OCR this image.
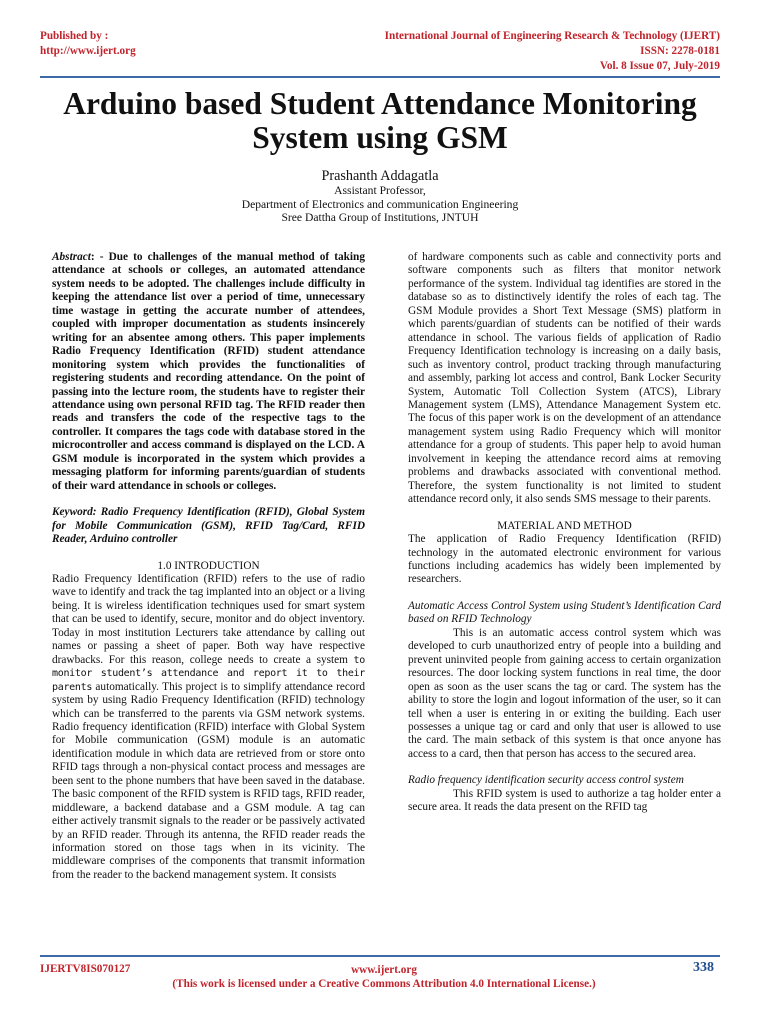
Published by :
http://www.ijert.org
International Journal of Engineering Research & Technology (IJERT)
ISSN: 2278-0181
Vol. 8 Issue 07, July-2019
Arduino based Student Attendance Monitoring
System using GSM
Prashanth Addagatla
Assistant Professor,
Department of Electronics and communication Engineering
Sree Dattha Group of Institutions, JNTUH

Abstract: - Due to challenges of the manual method of taking attendance at schools or colleges, an automated attendance system needs to be adopted. The challenges include difficulty in keeping the attendance list over a period of time, unnecessary time wastage in getting the accurate number of attendees, coupled with improper documentation as students insincerely writing for an absentee among others. This paper implements Radio Frequency Identification (RFID) student attendance monitoring system which provides the functionalities of registering students and recording attendance. On the point of passing into the lecture room, the students have to register their attendance using own personal RFID tag. The RFID reader then reads and transfers the code of the respective tags to the controller. It compares the tags code with database stored in the microcontroller and access command is displayed on the LCD. A GSM module is incorporated in the system which provides a messaging platform for informing parents/guardian of students of their ward attendance in schools or colleges.

Keyword: Radio Frequency Identification (RFID), Global System for Mobile Communication (GSM), RFID Tag/Card, RFID Reader, Arduino controller

1.0 INTRODUCTION

Radio Frequency Identification (RFID) refers to the use of radio wave to identify and track the tag implanted into an object or a living being. It is wireless identification techniques used for smart system that can be used to identify, secure, monitor and do object inventory. Today in most institution Lecturers take attendance by calling out names or passing a sheet of paper. Both way have respective drawbacks. For this reason, college needs to create a system to monitor student’s attendance and report it to their parents automatically. This project is to simplify attendance record system by using Radio Frequency Identification (RFID) technology which can be transferred to the parents via GSM network systems. Radio frequency identification (RFID) interface with Global System for Mobile communication (GSM) module is an automatic identification module in which data are retrieved from or store onto RFID tags through a non-physical contact process and messages are been sent to the phone numbers that have been saved in the database. The basic component of the RFID system is RFID tags, RFID reader, middleware, a backend database and a GSM module. A tag can either actively transmit signals to the reader or be passively activated by an RFID reader. Through its antenna, the RFID reader reads the information stored on those tags when in its vicinity. The middleware comprises of the components that transmit information from the reader to the backend management system. It consists

of hardware components such as cable and connectivity ports and software components such as filters that monitor network performance of the system. Individual tag identifies are stored in the database so as to distinctively identify the roles of each tag. The GSM Module provides a Short Text Message (SMS) platform in which parents/guardian of students can be notified of their wards attendance in school. The various fields of application of Radio Frequency Identification technology is increasing on a daily basis, such as inventory control, product tracking through manufacturing and assembly, parking lot access and control, Bank Locker Security System, Automatic Toll Collection System (ATCS), Library Management system (LMS), Attendance Management System etc. The focus of this paper work is on the development of an attendance management system using Radio Frequency which will monitor attendance for a group of students. This paper help to avoid human involvement in keeping the attendance record aims at removing problems and drawbacks associated with conventional method. Therefore, the system functionality is not limited to student attendance record only, it also sends SMS message to their parents.

MATERIAL AND METHOD

The application of Radio Frequency Identification (RFID) technology in the automated electronic environment for various functions including academics has widely been implemented by researchers.

Automatic Access Control System using Student’s Identification Card based on RFID Technology

This is an automatic access control system which was developed to curb unauthorized entry of people into a building and prevent uninvited people from gaining access to certain organization resources. The door locking system functions in real time, the door open as soon as the user scans the tag or card. The system has the ability to store the login and logout information of the user, so it can tell when a user is entering in or exiting the building. Each user possesses a unique tag or card and only that user is allowed to use the card. The main setback of this system is that once anyone has access to a card, then that person has access to the secured area.

Radio frequency identification security access control system

This RFID system is used to authorize a tag holder enter a secure area. It reads the data present on the RFID tag

IJERTV8IS070127	www.ijert.org
(This work is licensed under a Creative Commons Attribution 4.0 International License.)
338
